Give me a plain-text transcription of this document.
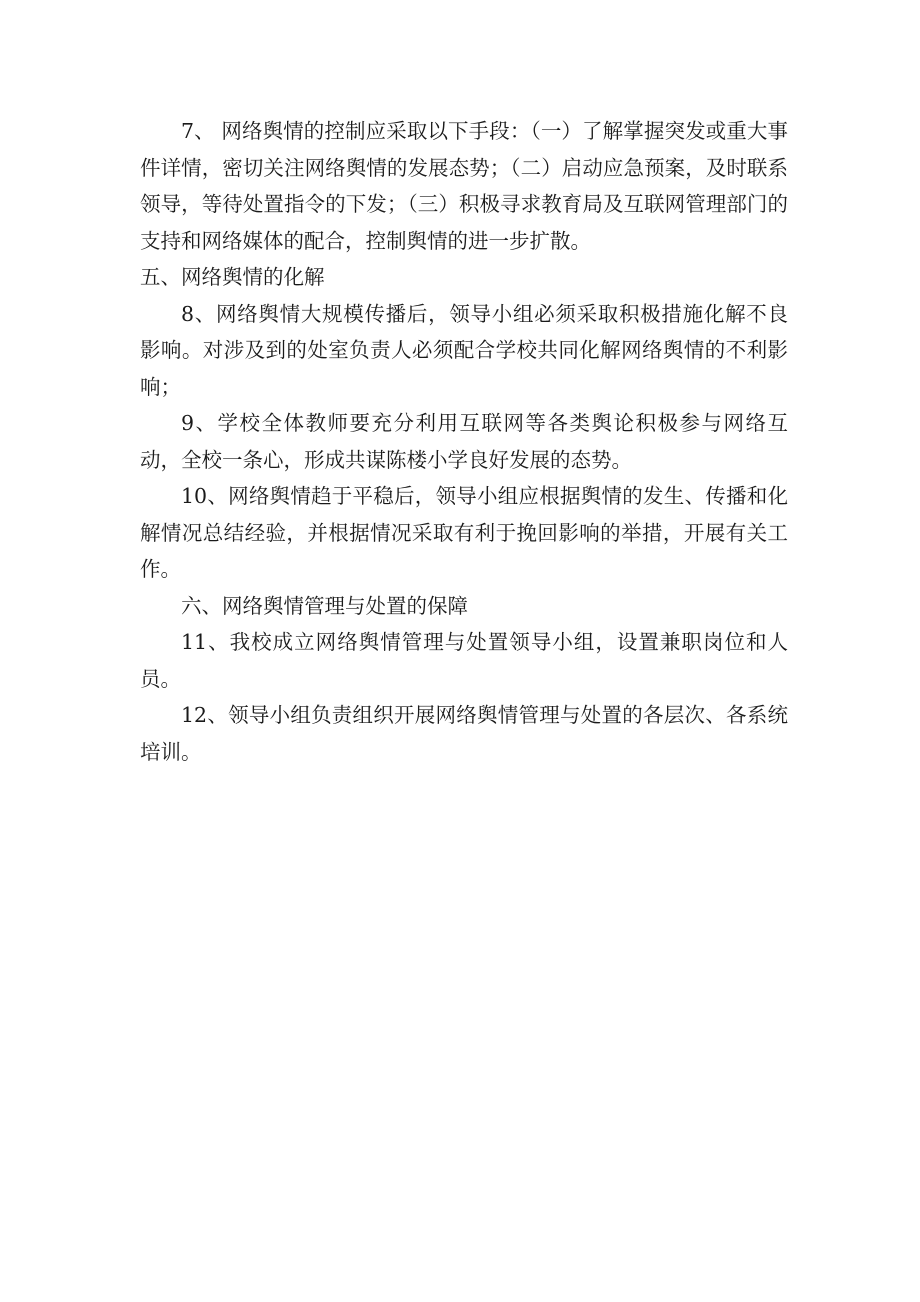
7、 网络舆情的控制应采取以下手段：（一）了解掌握突发或重大事件详情，密切关注网络舆情的发展态势；（二）启动应急预案，及时联系领导，等待处置指令的下发；（三）积极寻求教育局及互联网管理部门的支持和网络媒体的配合，控制舆情的进一步扩散。

五、网络舆情的化解

8、网络舆情大规模传播后，领导小组必须采取积极措施化解不良影响。对涉及到的处室负责人必须配合学校共同化解网络舆情的不利影响；

9、学校全体教师要充分利用互联网等各类舆论积极参与网络互动，全校一条心，形成共谋陈楼小学良好发展的态势。

10、网络舆情趋于平稳后，领导小组应根据舆情的发生、传播和化解情况总结经验，并根据情况采取有利于挽回影响的举措，开展有关工作。

六、网络舆情管理与处置的保障

11、我校成立网络舆情管理与处置领导小组，设置兼职岗位和人员。

12、领导小组负责组织开展网络舆情管理与处置的各层次、各系统培训。
